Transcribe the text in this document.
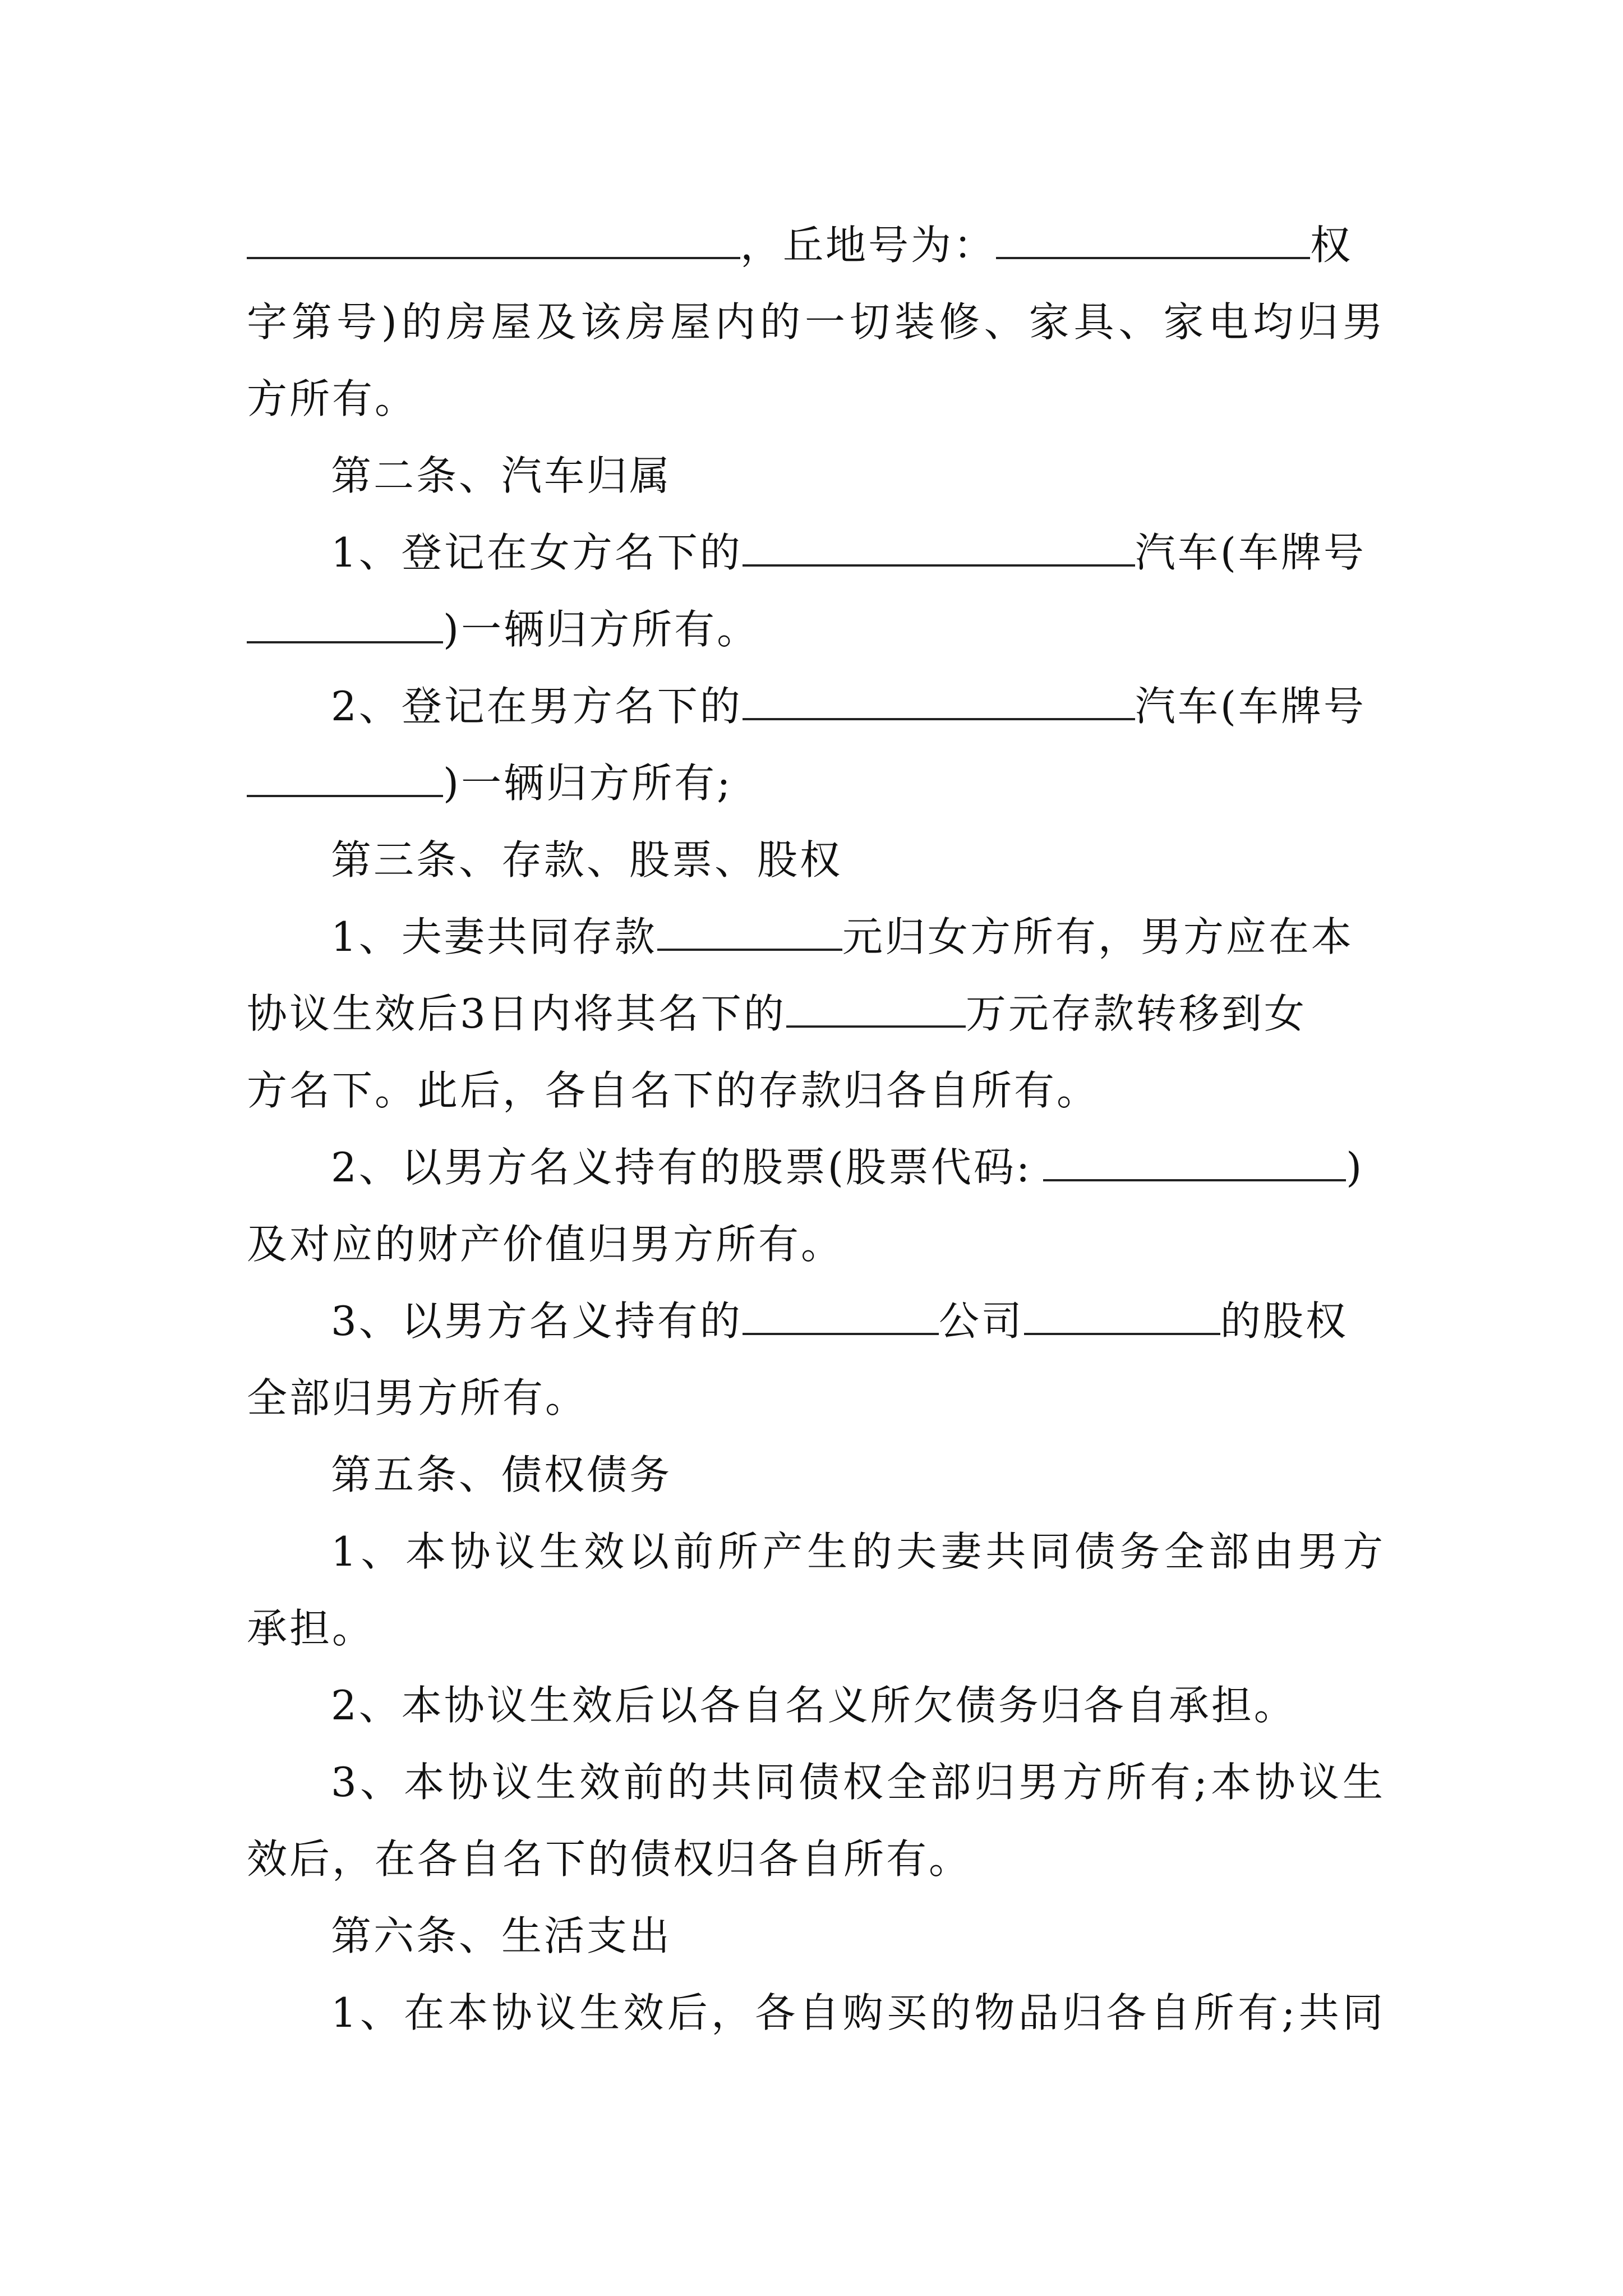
，丘地号为：	权
字第号)的房屋及该房屋内的一切装修、家具、家电均归男
方所有。
第二条、汽车归属
1、登记在女方名下的	汽车(车牌号
)一辆归方所有。
2、登记在男方名下的	汽车(车牌号
)一辆归方所有;
第三条、存款、股票、股权
1、夫妻共同存款	元归女方所有，男方应在本
协议生效后3日内将其名下的	万元存款转移到女
方名下。此后，各自名下的存款归各自所有。
2、以男方名义持有的股票(股票代码:	)
及对应的财产价值归男方所有。
3、以男方名义持有的	公司	的股权
全部归男方所有。
第五条、债权债务
1、本协议生效以前所产生的夫妻共同债务全部由男方
承担。
2、本协议生效后以各自名义所欠债务归各自承担。
3、本协议生效前的共同债权全部归男方所有;本协议生
效后，在各自名下的债权归各自所有。
第六条、生活支出
1、在本协议生效后，各自购买的物品归各自所有;共同
